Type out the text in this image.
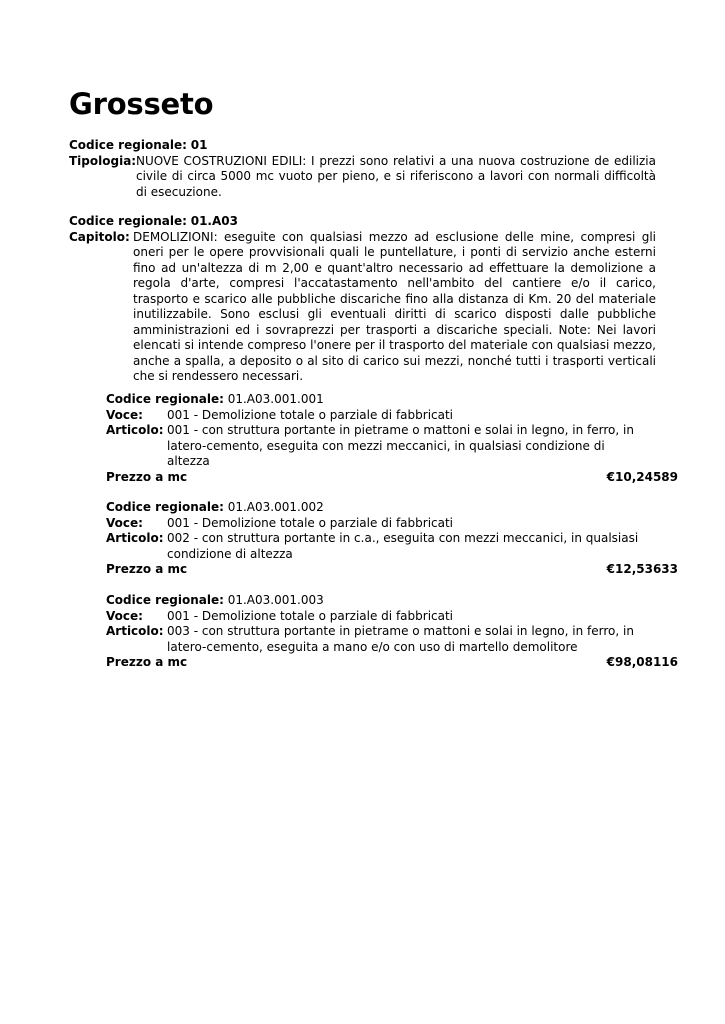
Grosseto
Codice regionale: 01
Tipologia: NUOVE COSTRUZIONI EDILI: I prezzi sono relativi a una nuova costruzione de edilizia civile di circa 5000 mc vuoto per pieno, e si riferiscono a lavori con normali difficoltà di esecuzione.
Codice regionale: 01.A03
Capitolo: DEMOLIZIONI: eseguite con qualsiasi mezzo ad esclusione delle mine, compresi gli oneri per le opere provvisionali quali le puntellature, i ponti di servizio anche esterni fino ad un'altezza di m 2,00 e quant'altro necessario ad effettuare la demolizione a regola d'arte, compresi l'accatastamento nell'ambito del cantiere e/o il carico, trasporto e scarico alle pubbliche discariche fino alla distanza di Km. 20 del materiale inutilizzabile. Sono esclusi gli eventuali diritti di scarico disposti dalle pubbliche amministrazioni ed i sovraprezzi per trasporti a discariche speciali. Note: Nei lavori elencati si intende compreso l'onere per il trasporto del materiale con qualsiasi mezzo, anche a spalla, a deposito o al sito di carico sui mezzi, nonché tutti i trasporti verticali che si rendessero necessari.
Codice regionale: 01.A03.001.001
Voce:	001 - Demolizione totale o parziale di fabbricati
Articolo: 001 - con struttura portante in pietrame o mattoni e solai in legno, in ferro, in latero-cemento, eseguita con mezzi meccanici, in qualsiasi condizione di altezza
Prezzo a mc	€10,24589
Codice regionale: 01.A03.001.002
Voce:	001 - Demolizione totale o parziale di fabbricati
Articolo: 002 - con struttura portante in c.a., eseguita con mezzi meccanici, in qualsiasi condizione di altezza
Prezzo a mc	€12,53633
Codice regionale: 01.A03.001.003
Voce:	001 - Demolizione totale o parziale di fabbricati
Articolo: 003 - con struttura portante in pietrame o mattoni e solai in legno, in ferro, in latero-cemento, eseguita a mano e/o con uso di martello demolitore
Prezzo a mc	€98,08116
